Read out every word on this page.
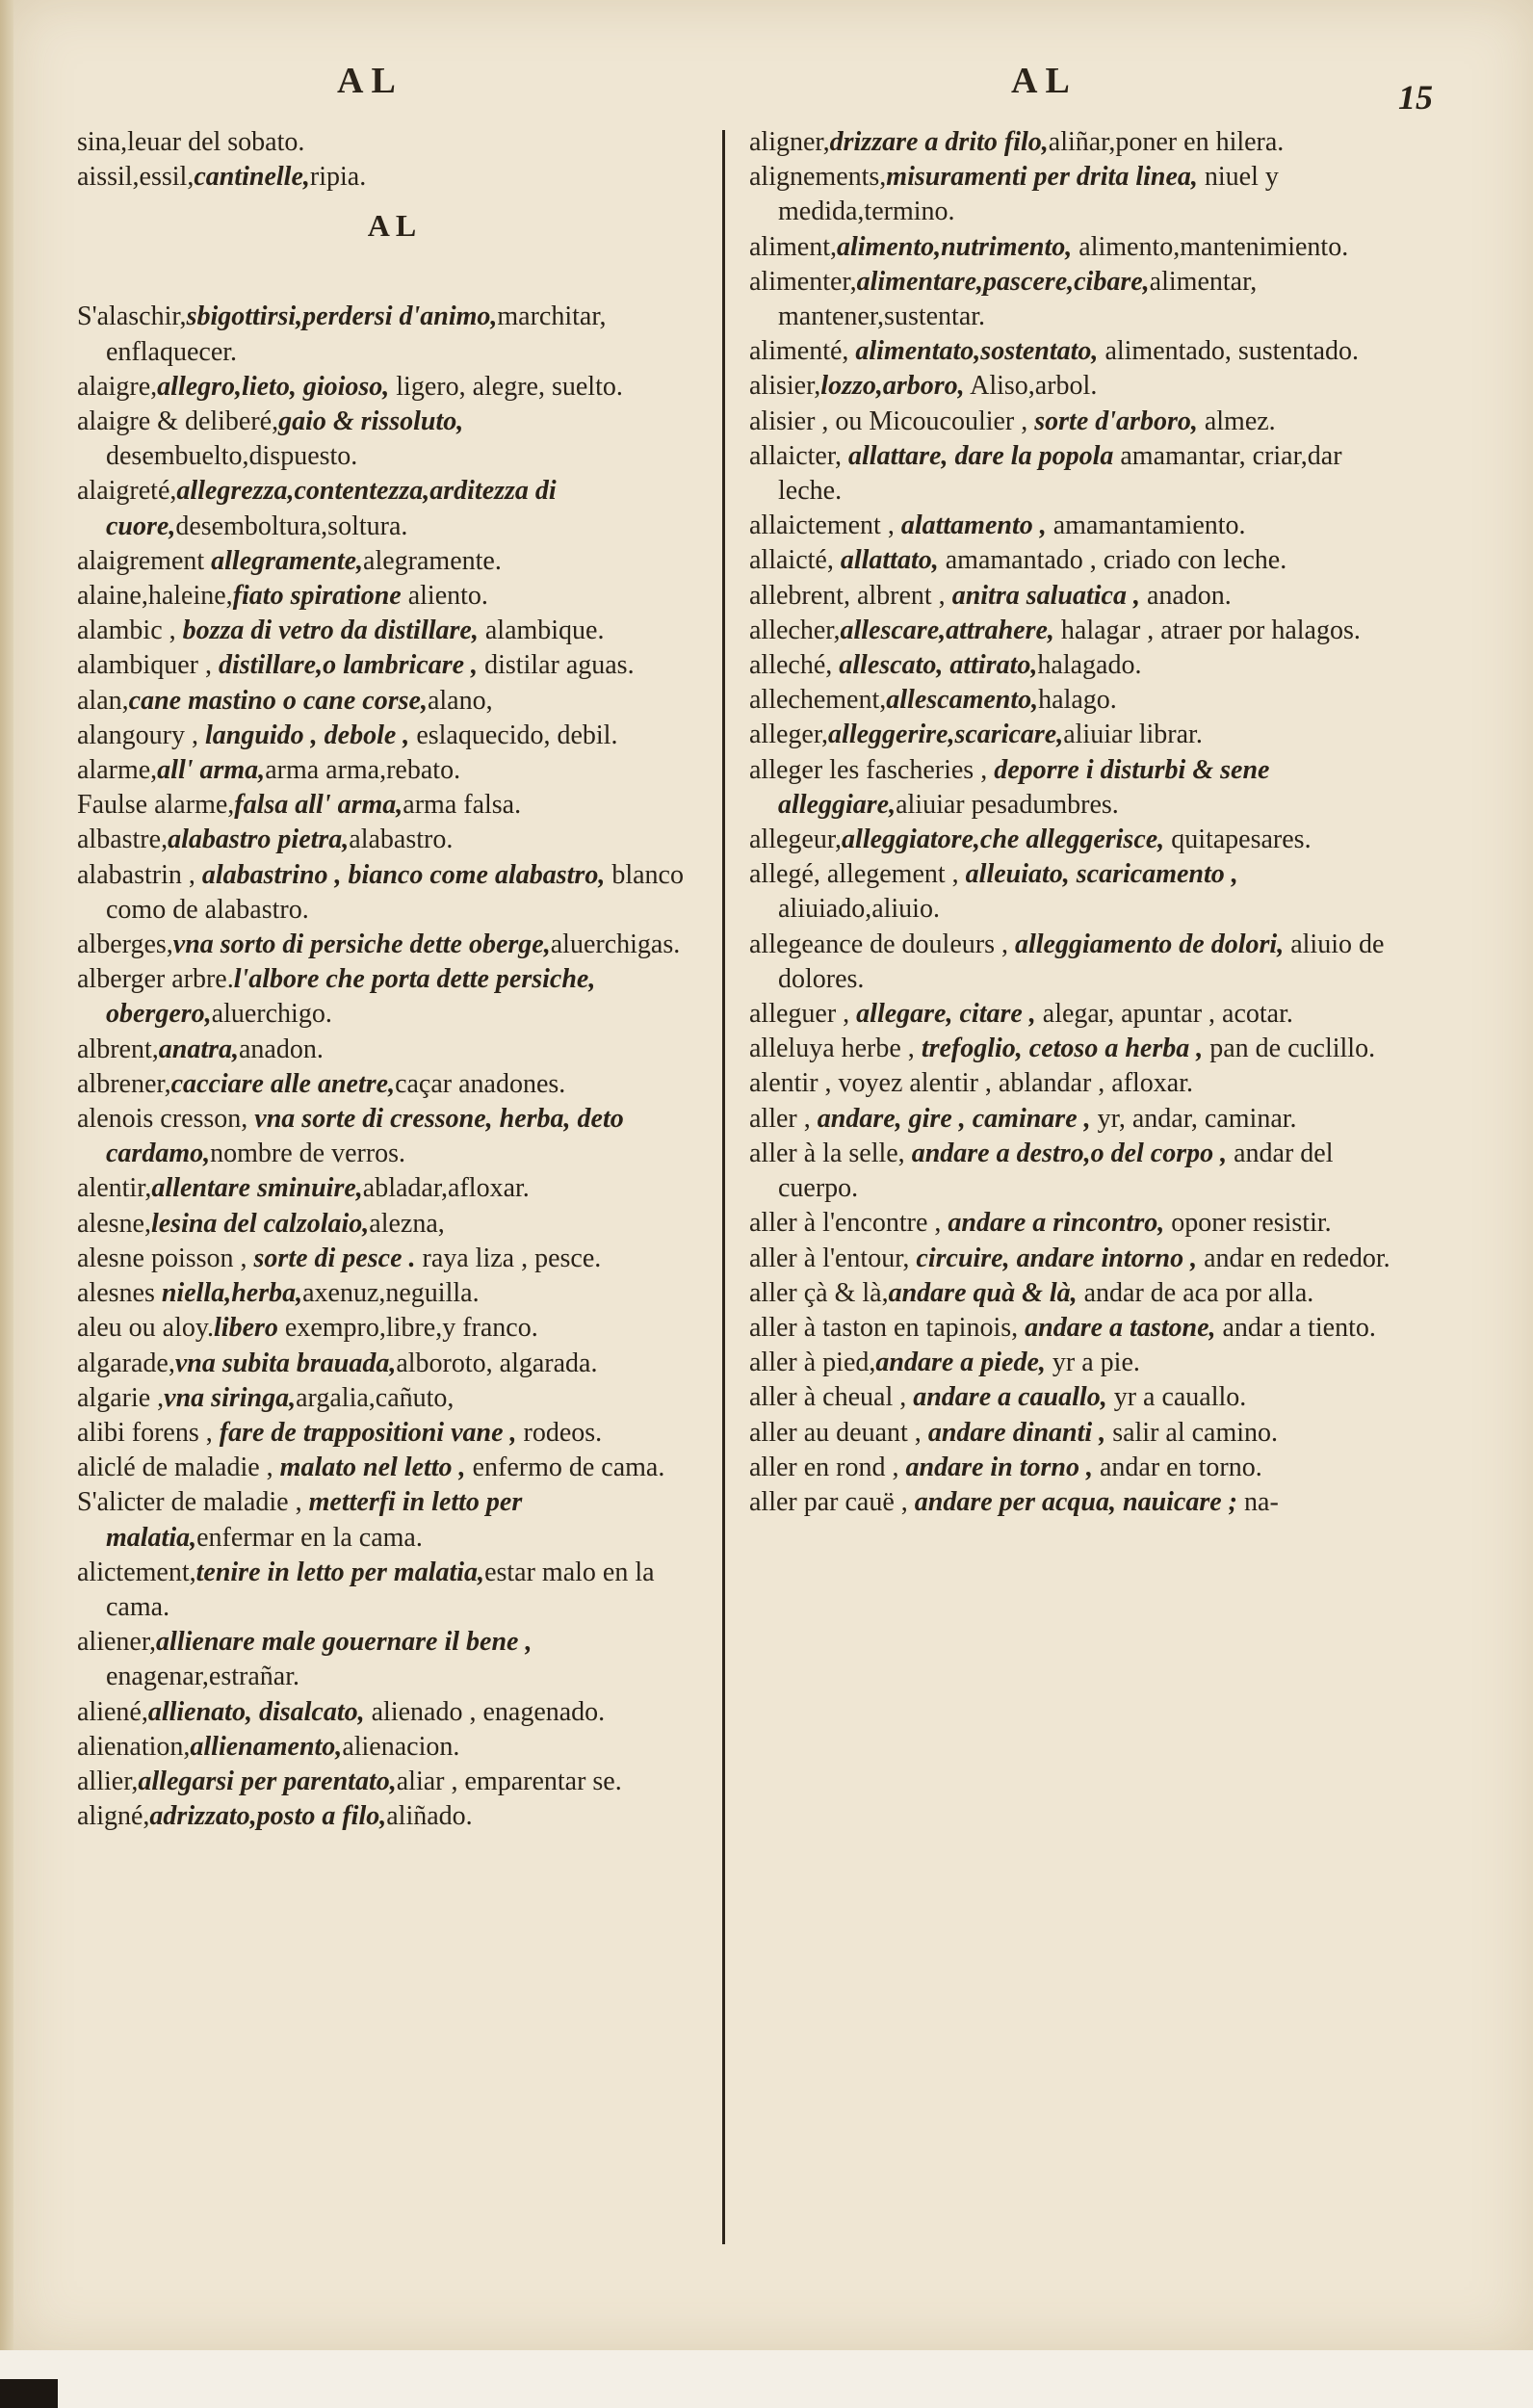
AL	AL	15

sina,leuar del sobato.

aissil,essil,cantinelle,ripia.

AL

S'alaschir,sbigottirsi,perdersi d'animo,marchitar, enflaquecer.

alaigre,allegro,lieto, gioioso, ligero, alegre, suelto.

alaigre & deliberé,gaio & rissoluto, desembuelto,dispuesto.

alaigreté,allegrezza,contentezza,arditezza di cuore,desemboltura,soltura.

alaigrement allegramente,alegramente.

alaine,haleine,fiato spiratione aliento.

alambic , bozza di vetro da distillare, alambique.

alambiquer , distillare,o lambricare , distilar aguas.

alan,cane mastino o cane corse,alano,

alangoury , languido , debole , eslaquecido, debil.

alarme,all' arma,arma arma,rebato.

Faulse alarme,falsa all' arma,arma falsa.

albastre,alabastro pietra,alabastro.

alabastrin , alabastrino , bianco come alabastro, blanco como de alabastro.

alberges,vna sorto di persiche dette oberge,aluerchigas.

alberger arbre.l'albore che porta dette persiche, obergero,aluerchigo.

albrent,anatra,anadon.

albrener,cacciare alle anetre,caçar anadones.

alenois cresson, vna sorte di cressone, herba, deto cardamo,nombre de verros.

alentir,allentare sminuire,abladar,afloxar.

alesne,lesina del calzolaio,alezna,

alesne poisson , sorte di pesce . raya liza , pesce.

alesnes niella,herba,axenuz,neguilla.

aleu ou aloy.libero exempro,libre,y franco.

algarade,vna subita brauada,alboroto, algarada.

algarie ,vna siringa,argalia,cañuto,

alibi forens , fare de trappositioni vane , rodeos.

aliclé de maladie , malato nel letto , enfermo de cama.

S'alicter de maladie , metterfi in letto per malatia,enfermar en la cama.

alictement,tenire in letto per malatia,estar malo en la cama.

aliener,allienare male gouernare il bene , enagenar,estrañar.

aliené,allienato, disalcato, alienado , enagenado.

alienation,allienamento,alienacion.

allier,allegarsi per parentato,aliar , emparentar se.

aligné,adrizzato,posto a filo,aliñado.

aligner,drizzare a drito filo,aliñar,poner en hilera.

alignements,misuramenti per drita linea, niuel y medida,termino.

aliment,alimento,nutrimento, alimento,mantenimiento.

alimenter,alimentare,pascere,cibare,alimentar, mantener,sustentar.

alimenté, alimentato,sostentato, alimentado, sustentado.

alisier,lozzo,arboro, Aliso,arbol.

alisier , ou Micoucoulier , sorte d'arboro, almez.

allaicter, allattare, dare la popola amamantar, criar,dar leche.

allaictement , alattamento , amamantamiento.

allaicté, allattato, amamantado , criado con leche.

allebrent, albrent , anitra saluatica , anadon.

allecher,allescare,attrahere, halagar , atraer por halagos.

alleché, allescato, attirato,halagado.

allechement,allescamento,halago.

alleger,alleggerire,scaricare,aliuiar librar.

alleger les fascheries , deporre i disturbi & sene alleggiare,aliuiar pesadumbres.

allegeur,alleggiatore,che alleggerisce, quitapesares.

allegé, allegement , alleuiato, scaricamento , aliuiado,aliuio.

allegeance de douleurs , alleggiamento de dolori, aliuio de dolores.

alleguer , allegare, citare , alegar, apuntar , acotar.

alleluya herbe , trefoglio, cetoso a herba , pan de cuclillo.

alentir , voyez alentir , ablandar , afloxar.

aller , andare, gire , caminare , yr, andar, caminar.

aller à la selle, andare a destro,o del corpo , andar del cuerpo.

aller à l'encontre , andare a rincontro, oponer resistir.

aller à l'entour, circuire, andare intorno , andar en rededor.

aller çà & là,andare quà & là, andar de aca por alla.

aller à taston en tapinois, andare a tastone, andar a tiento.

aller à pied,andare a piede, yr a pie.

aller à cheual , andare a cauallo, yr a cauallo.

aller au deuant , andare dinanti , salir al camino.

aller en rond , andare in torno , andar en torno.

aller par cauë , andare per acqua, nauicare ; na-
